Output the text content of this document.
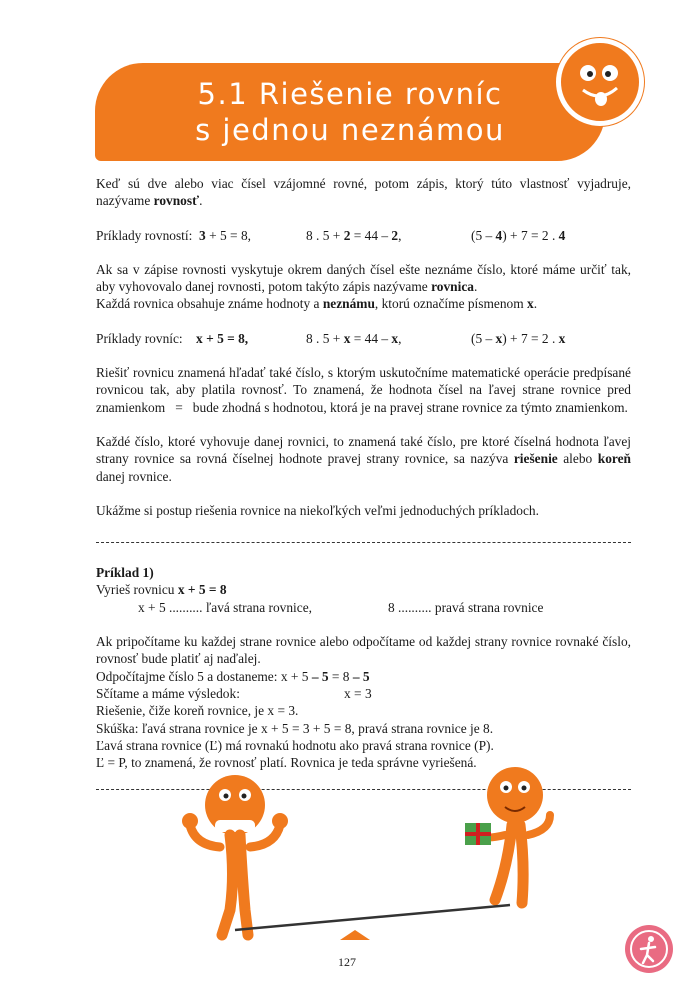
5.1 Riešenie rovníc
s jednou neznámou

Keď sú dve alebo viac čísel vzájomné rovné, potom zápis, ktorý túto vlastnosť vyjadruje, nazývame rovnosť.

Príklady rovností: 3 + 5 = 8,	8 . 5 + 2 = 44 – 2,	(5 – 4) + 7 = 2 . 4

Ak sa v zápise rovnosti vyskytuje okrem daných čísel ešte neznáme číslo, ktoré máme určiť tak, aby vyhovovalo danej rovnosti, potom takýto zápis nazývame rovnica.

Každá rovnica obsahuje známe hodnoty a neznámu, ktorú označíme písmenom x.

Príklady rovníc: x + 5 = 8,	8 . 5 + x = 44 – x,	(5 – x) + 7 = 2 . x

Riešiť rovnicu znamená hľadať také číslo, s ktorým uskutočníme matematické operácie predpísané rovnicou tak, aby platila rovnosť. To znamená, že hodnota čísel na ľavej strane rovnice pred znamienkom   =   bude zhodná s hodnotou, ktorá je na pravej strane rovnice za týmto znamienkom.

Každé číslo, ktoré vyhovuje danej rovnici, to znamená také číslo, pre ktoré číselná hodnota ľavej strany rovnice sa rovná číselnej hodnote pravej strany rovnice, sa nazýva riešenie alebo koreň danej rovnice.

Ukážme si postup riešenia rovnice na niekoľkých veľmi jednoduchých príkladoch.

Príklad 1)

Vyrieš rovnicu x + 5 = 8

x + 5 .......... ľavá strana rovnice,	8 .......... pravá strana rovnice

Ak pripočítame ku každej strane rovnice alebo odpočítame od každej strany rovnice rovnaké číslo, rovnosť bude platiť aj naďalej.

Odpočítajme číslo 5 a dostaneme: x + 5 – 5 = 8 – 5

Sčítame a máme výsledok:	x = 3

Riešenie, čiže koreň rovnice, je x = 3.

Skúška: ľavá strana rovnice je x + 5 = 3 + 5 = 8, pravá strana rovnice je 8.

Ľavá strana rovnice (Ľ) má rovnakú hodnotu ako pravá strana rovnice (P).

Ľ = P, to znamená, že rovnosť platí. Rovnica je teda správne vyriešená.

127
